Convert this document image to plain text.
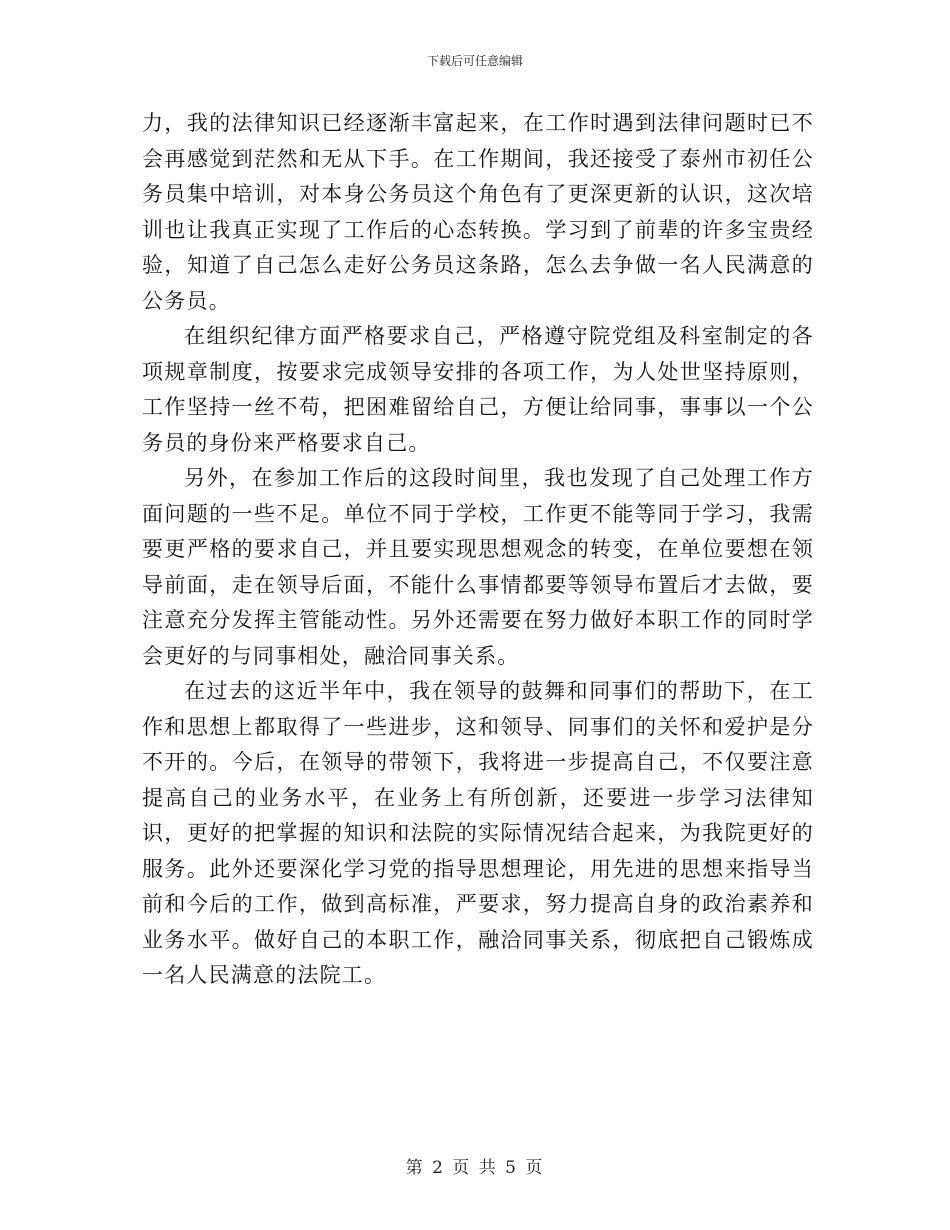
下载后可任意编辑

力，我的法律知识已经逐渐丰富起来，在工作时遇到法律问题时已不会再感觉到茫然和无从下手。在工作期间，我还接受了泰州市初任公务员集中培训，对本身公务员这个角色有了更深更新的认识，这次培训也让我真正实现了工作后的心态转换。学习到了前辈的许多宝贵经验，知道了自己怎么走好公务员这条路，怎么去争做一名人民满意的公务员。

在组织纪律方面严格要求自己，严格遵守院党组及科室制定的各项规章制度，按要求完成领导安排的各项工作，为人处世坚持原则，工作坚持一丝不苟，把困难留给自己，方便让给同事，事事以一个公务员的身份来严格要求自己。

另外，在参加工作后的这段时间里，我也发现了自己处理工作方面问题的一些不足。单位不同于学校，工作更不能等同于学习，我需要更严格的要求自己，并且要实现思想观念的转变，在单位要想在领导前面，走在领导后面，不能什么事情都要等领导布置后才去做，要注意充分发挥主管能动性。另外还需要在努力做好本职工作的同时学会更好的与同事相处，融洽同事关系。

在过去的这近半年中，我在领导的鼓舞和同事们的帮助下，在工作和思想上都取得了一些进步，这和领导、同事们的关怀和爱护是分不开的。今后，在领导的带领下，我将进一步提高自己，不仅要注意提高自己的业务水平，在业务上有所创新，还要进一步学习法律知识，更好的把掌握的知识和法院的实际情况结合起来，为我院更好的服务。此外还要深化学习党的指导思想理论，用先进的思想来指导当前和今后的工作，做到高标准，严要求，努力提高自身的政治素养和业务水平。做好自己的本职工作，融洽同事关系，彻底把自己锻炼成一名人民满意的法院工。

第 2 页 共 5 页
